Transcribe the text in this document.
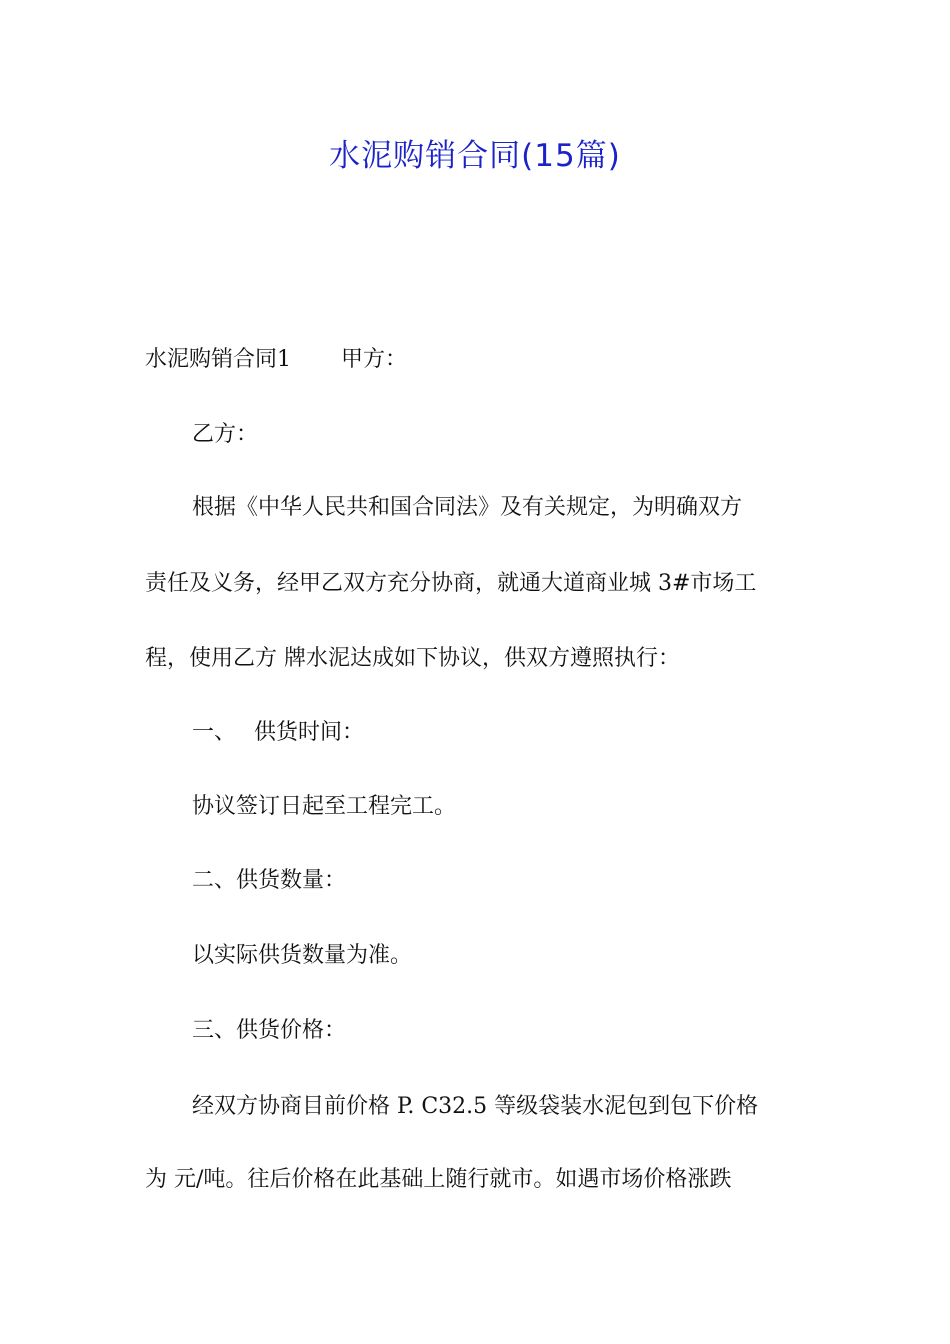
水泥购销合同(15篇)

水泥购销合同1 甲方：

乙方：

根据《中华人民共和国合同法》及有关规定，为明确双方

责任及义务，经甲乙双方充分协商，就通大道商业城 3#市场工

程，使用乙方 牌水泥达成如下协议，供双方遵照执行：

一、 供货时间：

协议签订日起至工程完工。

二、供货数量：

以实际供货数量为准。

三、供货价格：

经双方协商目前价格 P. C32.5 等级袋装水泥包到包下价格

为 元/吨。往后价格在此基础上随行就市。如遇市场价格涨跌
